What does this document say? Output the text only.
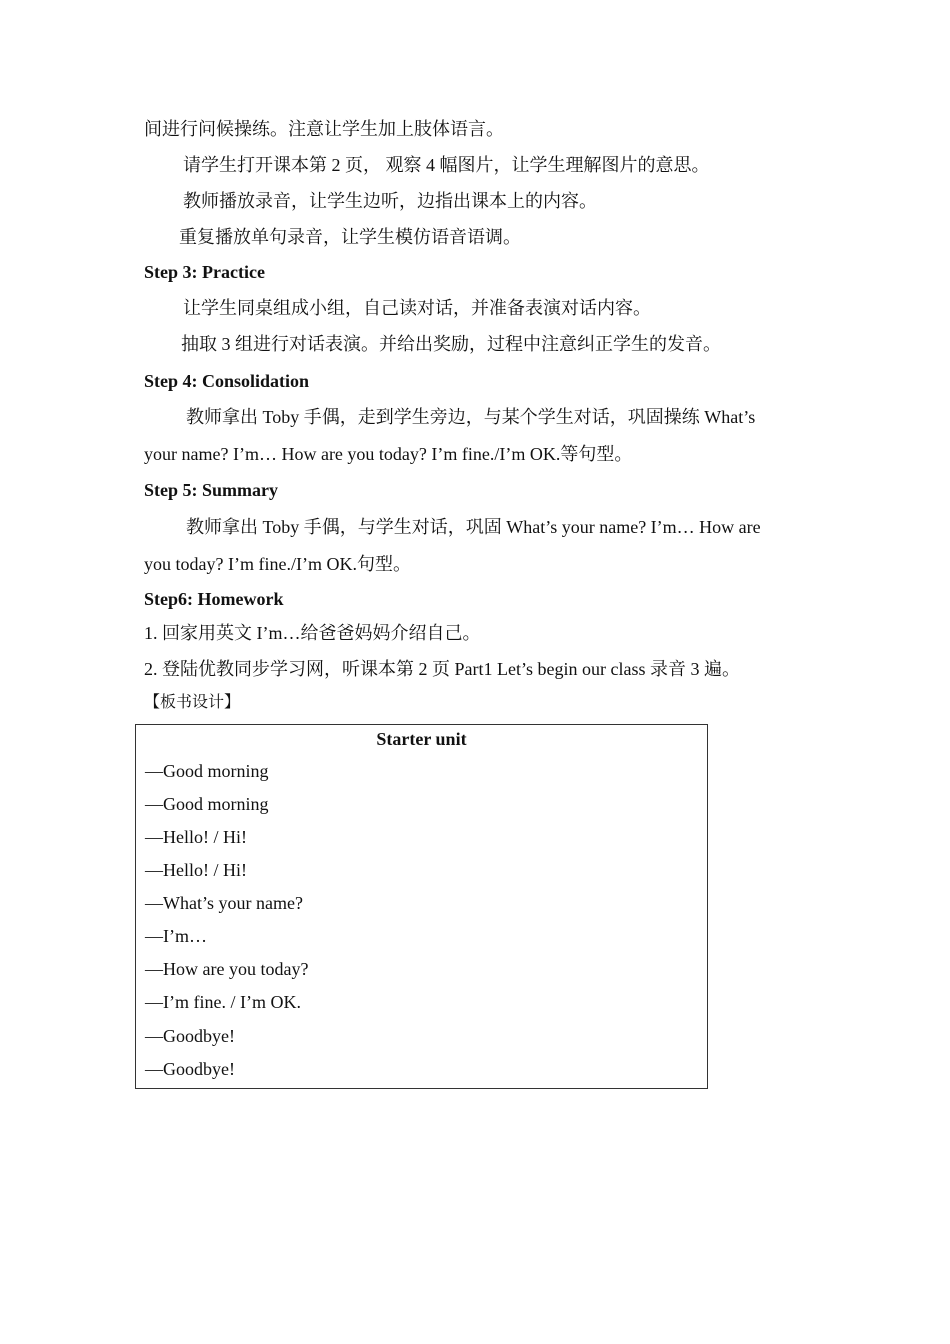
间进行问候操练。注意让学生加上肢体语言。
请学生打开课本第 2 页， 观察 4 幅图片，让学生理解图片的意思。
教师播放录音，让学生边听，边指出课本上的内容。
重复播放单句录音，让学生模仿语音语调。
Step 3: Practice
让学生同桌组成小组，自己读对话，并准备表演对话内容。
抽取 3 组进行对话表演。并给出奖励，过程中注意纠正学生的发音。
Step 4: Consolidation
教师拿出 Toby 手偶，走到学生旁边，与某个学生对话，巩固操练 What’s
your name? I’m… How are you today? I’m fine./I’m OK.等句型。
Step 5: Summary
教师拿出 Toby 手偶，与学生对话，巩固 What’s your name? I’m… How are
you today? I’m fine./I’m OK.句型。
Step6: Homework
1. 回家用英文 I’m…给爸爸妈妈介绍自己。
2. 登陆优教同步学习网，听课本第 2 页 Part1 Let’s begin our class 录音 3 遍。
【板书设计】
Starter unit
—Good morning
—Good morning
—Hello! / Hi!
—Hello! / Hi!
—What’s your name?
—I’m…
—How are you today?
—I’m fine. / I’m OK.
—Goodbye!
—Goodbye!
